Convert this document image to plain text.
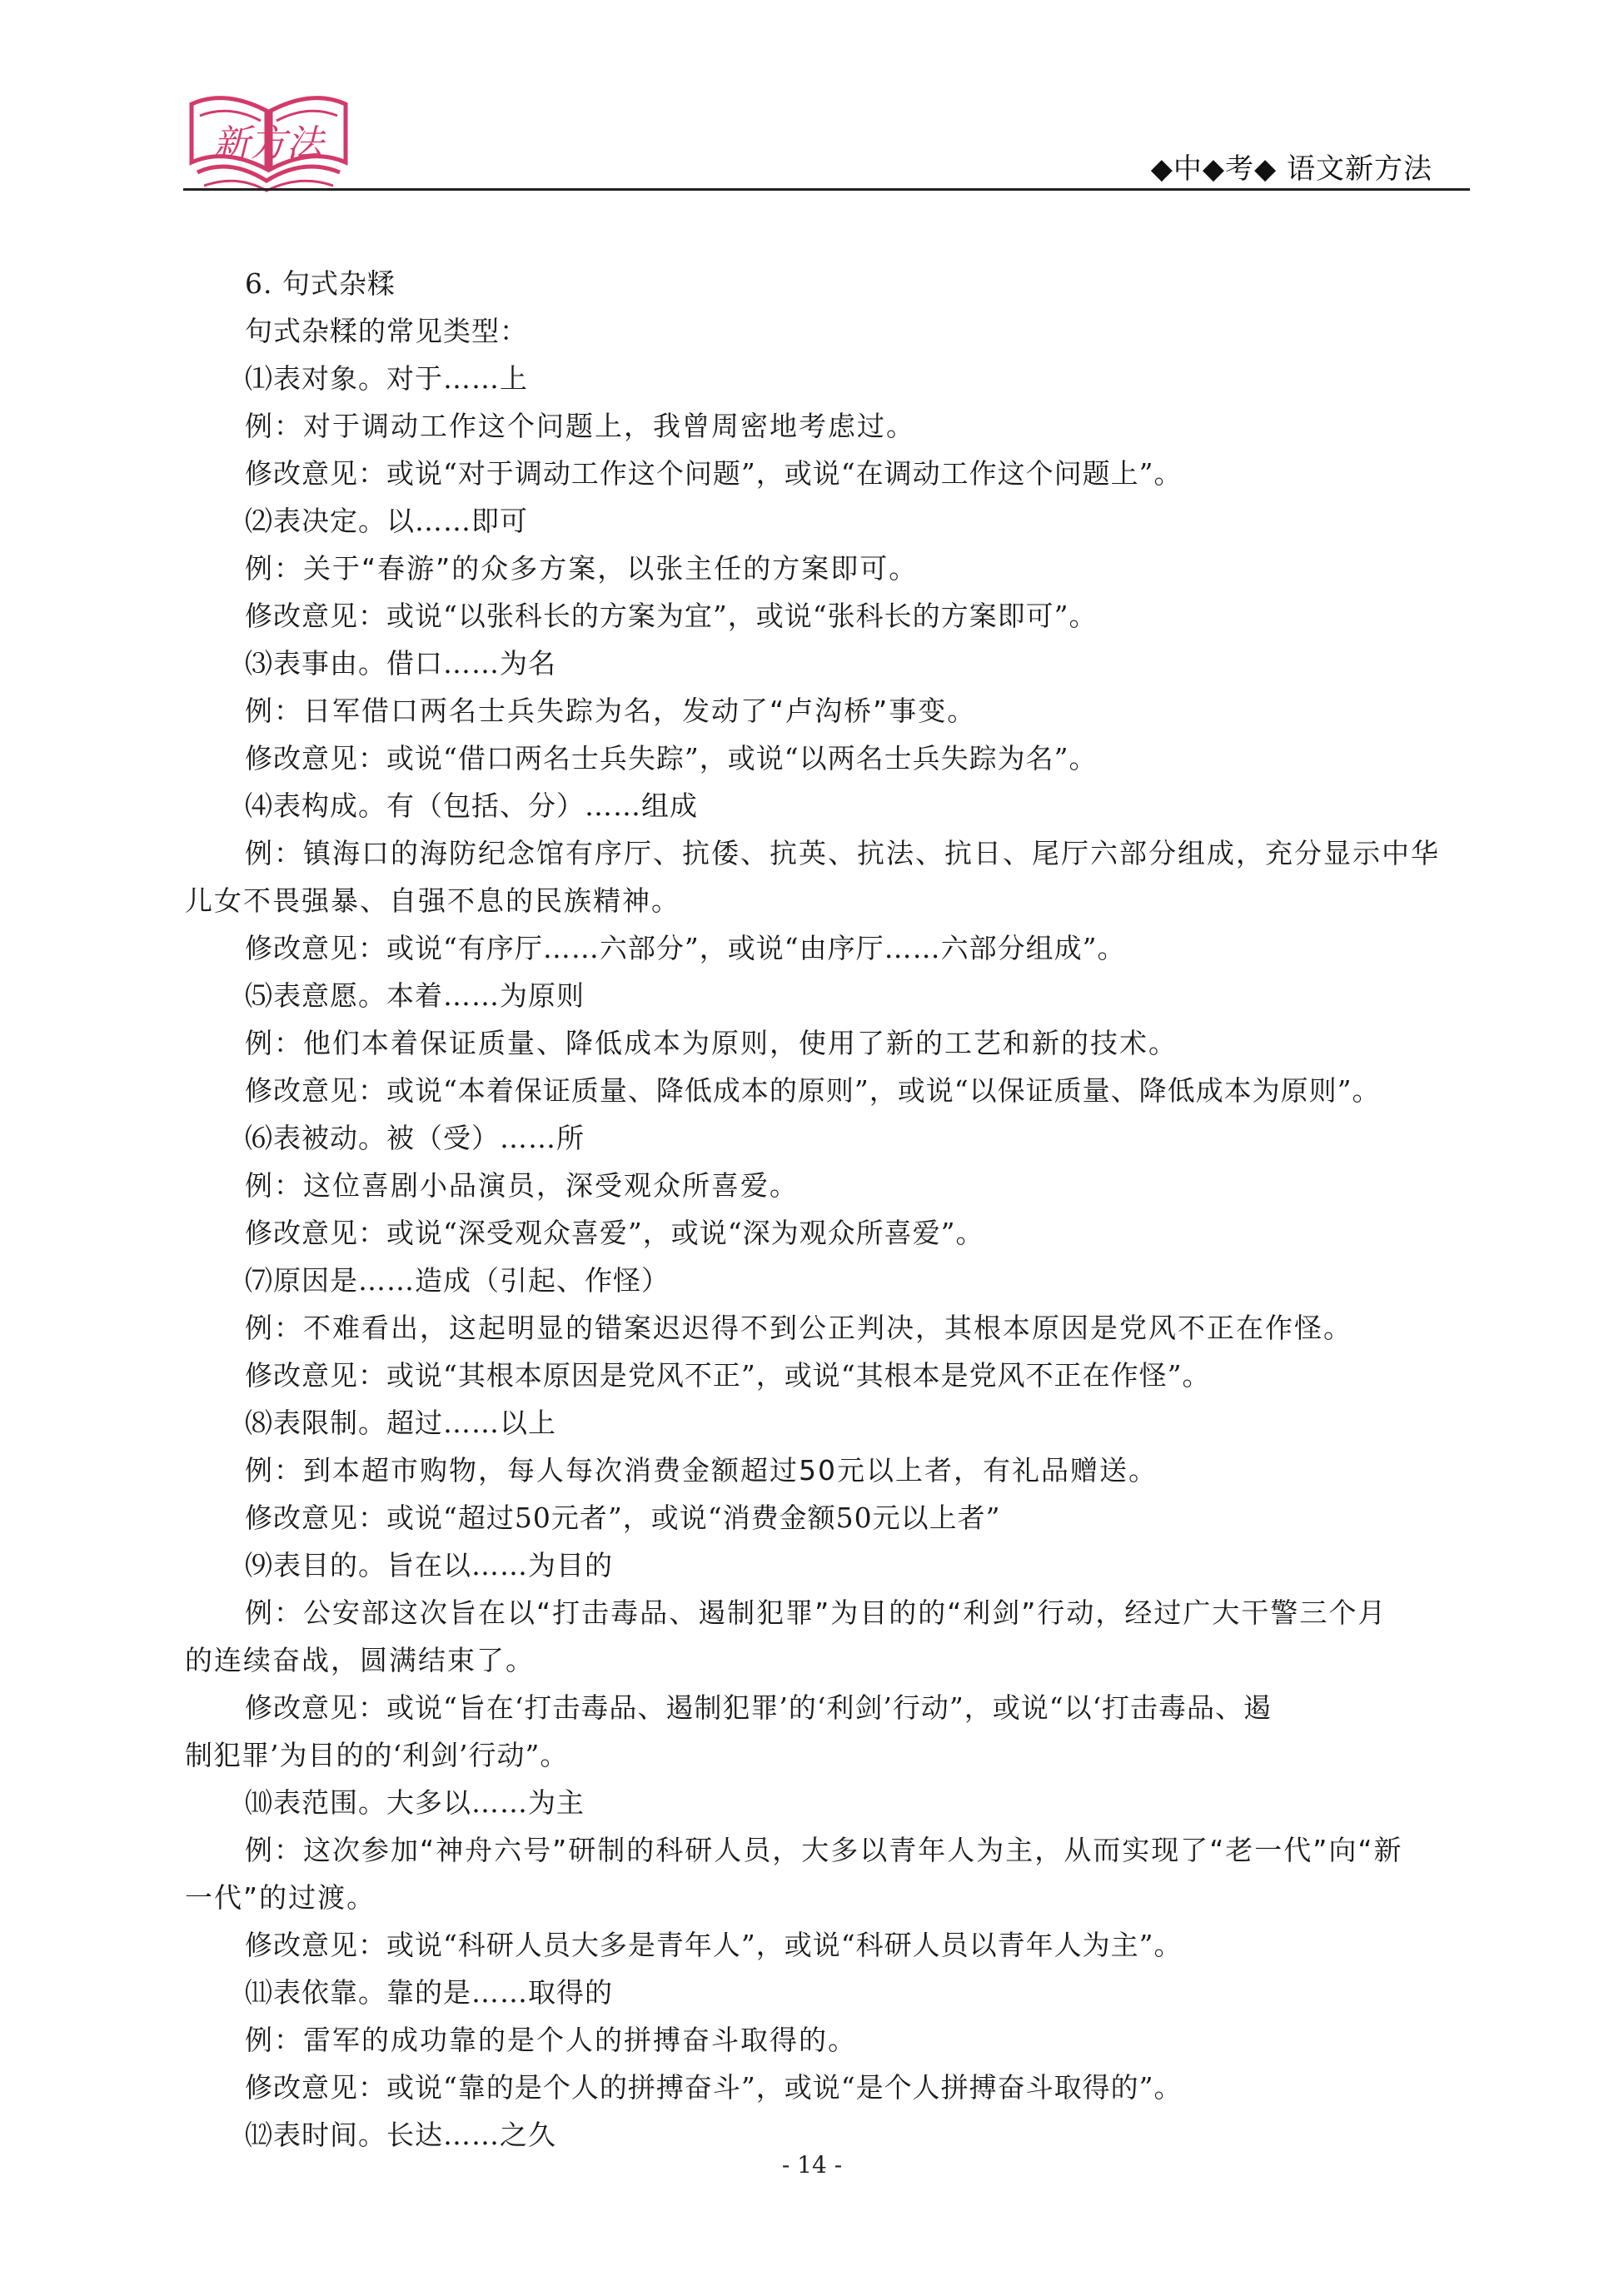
新方法
◆中◆考◆ 语文新方法
6. 句式杂糅
句式杂糅的常见类型：
⑴表对象。对于……上
例：对于调动工作这个问题上，我曾周密地考虑过。
修改意见：或说“对于调动工作这个问题”，或说“在调动工作这个问题上”。
⑵表决定。以……即可
例：关于“春游”的众多方案，以张主任的方案即可。
修改意见：或说“以张科长的方案为宜”，或说“张科长的方案即可”。
⑶表事由。借口……为名
例：日军借口两名士兵失踪为名，发动了“卢沟桥”事变。
修改意见：或说“借口两名士兵失踪”，或说“以两名士兵失踪为名”。
⑷表构成。有（包括、分）……组成
例：镇海口的海防纪念馆有序厅、抗倭、抗英、抗法、抗日、尾厅六部分组成，充分显示中华
儿女不畏强暴、自强不息的民族精神。
修改意见：或说“有序厅……六部分”，或说“由序厅……六部分组成”。
⑸表意愿。本着……为原则
例：他们本着保证质量、降低成本为原则，使用了新的工艺和新的技术。
修改意见：或说“本着保证质量、降低成本的原则”，或说“以保证质量、降低成本为原则”。
⑹表被动。被（受）……所
例：这位喜剧小品演员，深受观众所喜爱。
修改意见：或说“深受观众喜爱”，或说“深为观众所喜爱”。
⑺原因是……造成（引起、作怪）
例：不难看出，这起明显的错案迟迟得不到公正判决，其根本原因是党风不正在作怪。
修改意见：或说“其根本原因是党风不正”，或说“其根本是党风不正在作怪”。
⑻表限制。超过……以上
例：到本超市购物，每人每次消费金额超过50元以上者，有礼品赠送。
修改意见：或说“超过50元者”，或说“消费金额50元以上者”
⑼表目的。旨在以……为目的
例：公安部这次旨在以“打击毒品、遏制犯罪”为目的的“利剑”行动，经过广大干警三个月
的连续奋战，圆满结束了。
修改意见：或说“旨在‘打击毒品、遏制犯罪’的‘利剑’行动”，或说“以‘打击毒品、遏
制犯罪’为目的的‘利剑’行动”。
⑽表范围。大多以……为主
例：这次参加“神舟六号”研制的科研人员，大多以青年人为主，从而实现了“老一代”向“新
一代”的过渡。
修改意见：或说“科研人员大多是青年人”，或说“科研人员以青年人为主”。
⑾表依靠。靠的是……取得的
例：雷军的成功靠的是个人的拼搏奋斗取得的。
修改意见：或说“靠的是个人的拼搏奋斗”，或说“是个人拼搏奋斗取得的”。
⑿表时间。长达……之久
- 14 -
